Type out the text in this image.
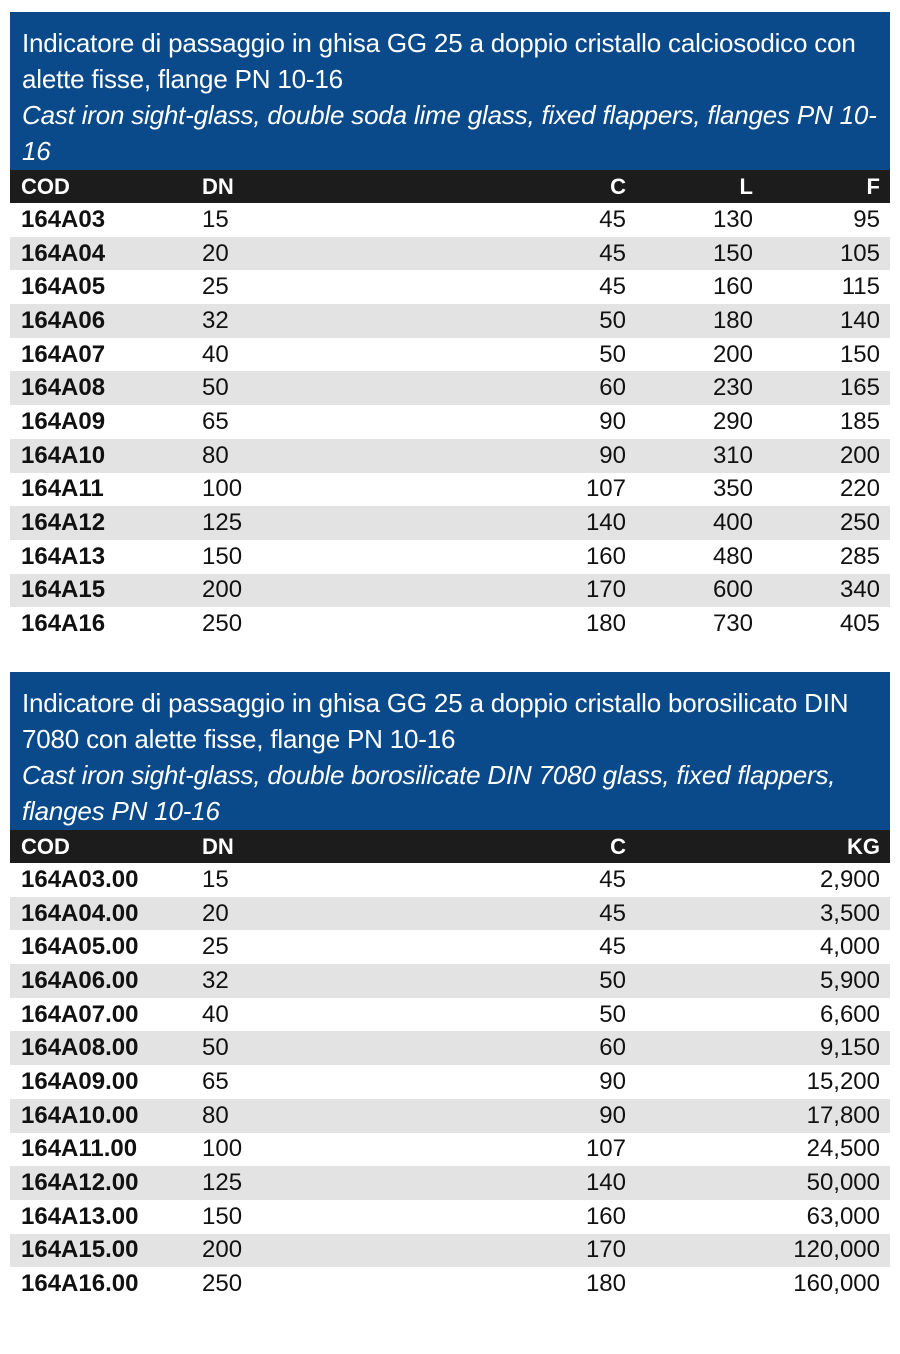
Indicatore di passaggio in ghisa GG 25 a doppio cristallo calciosodico con alette fisse, flange PN 10-16
Cast iron sight-glass, double soda lime glass, fixed flappers, flanges PN 10-16
COD	DN	C	L	F
164A03	15	45	130	95
164A04	20	45	150	105
164A05	25	45	160	115
164A06	32	50	180	140
164A07	40	50	200	150
164A08	50	60	230	165
164A09	65	90	290	185
164A10	80	90	310	200
164A11	100	107	350	220
164A12	125	140	400	250
164A13	150	160	480	285
164A15	200	170	600	340
164A16	250	180	730	405
Indicatore di passaggio in ghisa GG 25 a doppio cristallo borosilicato DIN 7080 con alette fisse, flange PN 10-16
Cast iron sight-glass, double borosilicate DIN 7080 glass, fixed flappers, flanges PN 10-16
COD	DN	C	KG
164A03.00	15	45	2,900
164A04.00	20	45	3,500
164A05.00	25	45	4,000
164A06.00	32	50	5,900
164A07.00	40	50	6,600
164A08.00	50	60	9,150
164A09.00	65	90	15,200
164A10.00	80	90	17,800
164A11.00	100	107	24,500
164A12.00	125	140	50,000
164A13.00	150	160	63,000
164A15.00	200	170	120,000
164A16.00	250	180	160,000
